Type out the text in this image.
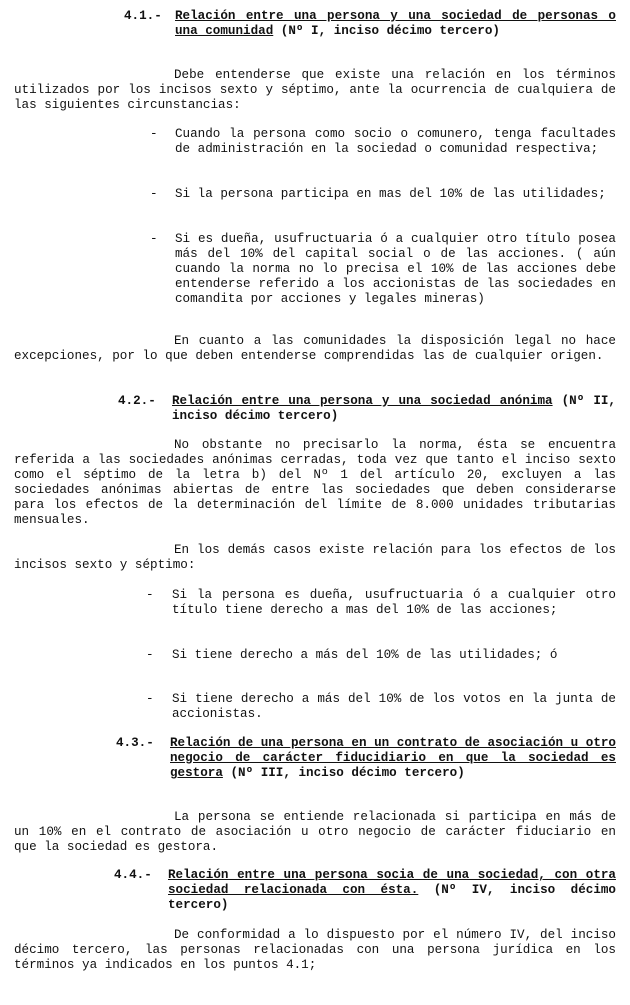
4.1.- Relación entre una persona y una sociedad de personas o una comunidad (Nº I, inciso décimo tercero)
Debe entenderse que existe una relación en los términos utilizados por los incisos sexto y séptimo, ante la ocurrencia de cualquiera de las siguientes circunstancias:
- Cuando la persona como socio o comunero, tenga facultades de administración en la sociedad o comunidad respectiva;
- Si la persona participa en mas del 10% de las utilidades;
- Si es dueña, usufructuaria ó a cualquier otro título posea más del 10% del capital social o de las acciones. ( aún cuando la norma no lo precisa el 10% de las acciones debe entenderse referido a los accionistas de las sociedades en comandita por acciones y legales mineras)
En cuanto a las comunidades la disposición legal no hace excepciones, por lo que deben entenderse comprendidas las de cualquier origen.
4.2.- Relación entre una persona y una sociedad anónima (Nº II, inciso décimo tercero)
No obstante no precisarlo la norma, ésta se encuentra referida a las sociedades anónimas cerradas, toda vez que tanto el inciso sexto como el séptimo de la letra b) del Nº 1 del artículo 20, excluyen a las sociedades anónimas abiertas de entre las sociedades que deben considerarse para los efectos de la determinación del límite de 8.000 unidades tributarias mensuales.
En los demás casos existe relación para los efectos de los incisos sexto y séptimo:
- Si la persona es dueña, usufructuaria ó a cualquier otro título tiene derecho a mas del 10% de las acciones;
- Si tiene derecho a más del 10% de las utilidades; ó
- Si tiene derecho a más del 10% de los votos en la junta de accionistas.
4.3.- Relación de una persona en un contrato de asociación u otro negocio de carácter fiducidiario en que la sociedad es gestora (Nº III, inciso décimo tercero)
La persona se entiende relacionada si participa en más de un 10% en el contrato de asociación u otro negocio de carácter fiduciario en que la sociedad es gestora.
4.4.- Relación entre una persona socia de una sociedad, con otra sociedad relacionada con ésta. (Nº IV, inciso décimo tercero)
De conformidad a lo dispuesto por el número IV, del inciso décimo tercero, las personas relacionadas con una persona jurídica en los términos ya indicados en los puntos 4.1;
